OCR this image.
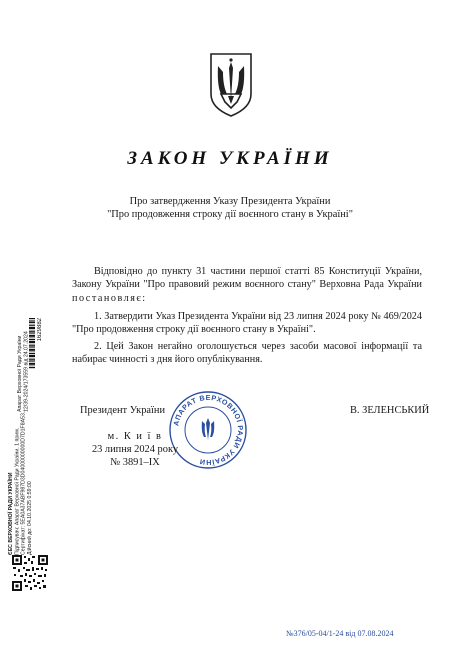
ЗАКОН УКРАЇНИ
Про затвердження Указу Президента України
"Про продовження строку дії воєнного стану в Україні"
Відповідно до пункту 31 частини першої статті 85 Конституції України, Закону України "Про правовий режим воєнного стану" Верховна Рада України постановляє:
1. Затвердити Указ Президента України від 23 липня 2024 року № 469/2024 "Про продовження строку дії воєнного стану в Україні".
2. Цей Закон негайно оголошується через засоби масової інформації та набирає чинності з дня його опублікування.
Президент України	В. ЗЕЛЕНСЬКИЙ
АПАРАТ ВЕРХОВНОЇ РАДИ УКРАЇНИ
м. К и ї в
23 липня 2024 року
№ 3891–IX
Апарат Верховної Ради України 12/39-2024/173559 від 24.07.2024
1629882
ЄЕС ВЕРХОВНОЇ РАДИ УКРАЇНИ Підписувач: Апарат Верховної Ради України, 1 прим. Сертифікат: 5EA0A37ABF987D3D04000000000D7D1F8A53... Дійсний до: 04.10.2025 0:59:00
№376/05-04/1-24 від 07.08.2024
